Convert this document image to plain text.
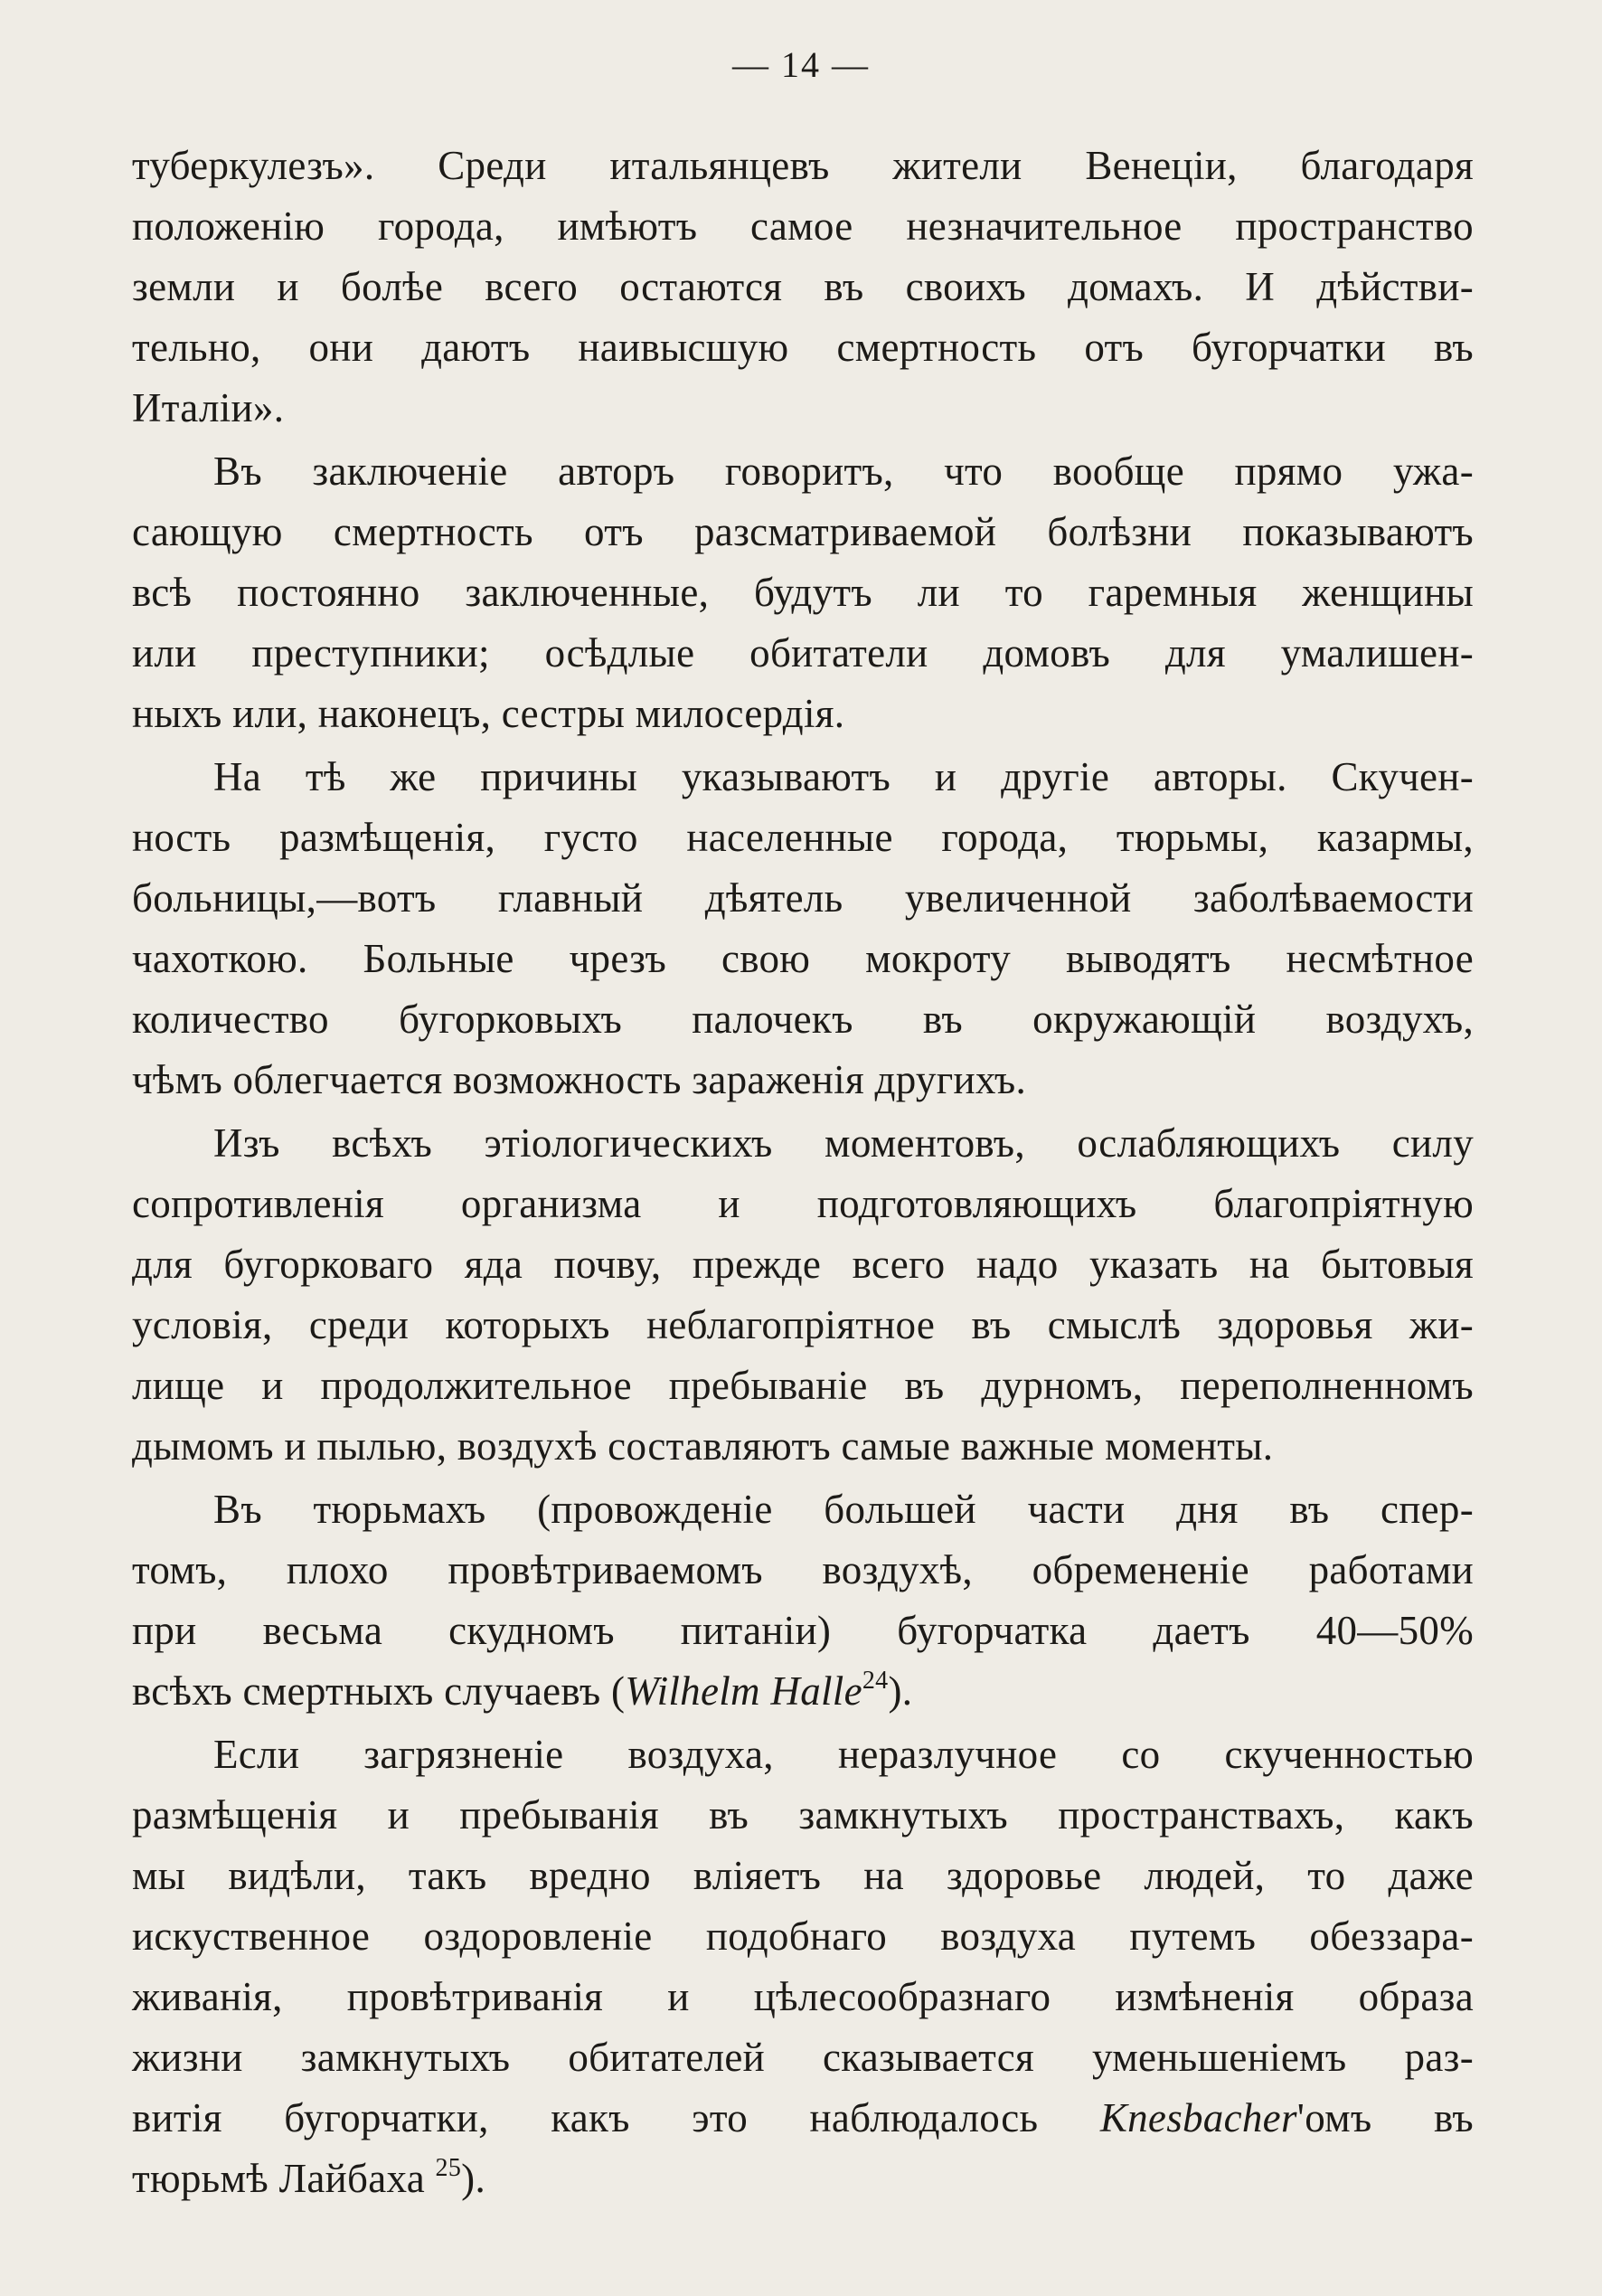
— 14 —
туберкулезъ». Среди итальянцевъ жители Венеціи, благодаря
положенію города, имѣютъ самое незначительное пространство
земли и болѣе всего остаются въ своихъ домахъ. И дѣйстви-
тельно, они даютъ наивысшую смертность отъ бугорчатки въ
Италіи».
Въ заключеніе авторъ говоритъ, что вообще прямо ужа-
сающую смертность отъ разсматриваемой болѣзни показываютъ
всѣ постоянно заключенные, будутъ ли то гаремныя женщины
или преступники; осѣдлые обитатели домовъ для умалишен-
ныхъ или, наконецъ, сестры милосердія.
На тѣ же причины указываютъ и другіе авторы. Скучен-
ность размѣщенія, густо населенные города, тюрьмы, казармы,
больницы,—вотъ главный дѣятель увеличенной заболѣваемости
чахоткою. Больные чрезъ свою мокроту выводятъ несмѣтное
количество бугорковыхъ палочекъ въ окружающій воздухъ,
чѣмъ облегчается возможность зараженія другихъ.
Изъ всѣхъ этіологическихъ моментовъ, ослабляющихъ силу
сопротивленія организма и подготовляющихъ благопріятную
для бугорковаго яда почву, прежде всего надо указать на бытовыя
условія, среди которыхъ неблагопріятное въ смыслѣ здоровья жи-
лище и продолжительное пребываніе въ дурномъ, переполненномъ
дымомъ и пылью, воздухѣ составляютъ самые важные моменты.
Въ тюрьмахъ (провожденіе большей части дня въ спер-
томъ, плохо провѣтриваемомъ воздухѣ, обремененіе работами
при весьма скудномъ питаніи) бугорчатка даетъ 40—50%
всѣхъ смертныхъ случаевъ (Wilhelm Halle$^{24}$).
Если загрязненіе воздуха, неразлучное со скученностью
размѣщенія и пребыванія въ замкнутыхъ пространствахъ, какъ
мы видѣли, такъ вредно вліяетъ на здоровье людей, то даже
искуственное оздоровленіе подобнаго воздуха путемъ обеззара-
живанія, провѣтриванія и цѣлесообразнаго измѣненія образа
жизни замкнутыхъ обитателей сказывается уменьшеніемъ раз-
витія бугорчатки, какъ это наблюдалось Knesbacher'омъ въ
тюрьмѣ Лайбаха $^{25}$).
